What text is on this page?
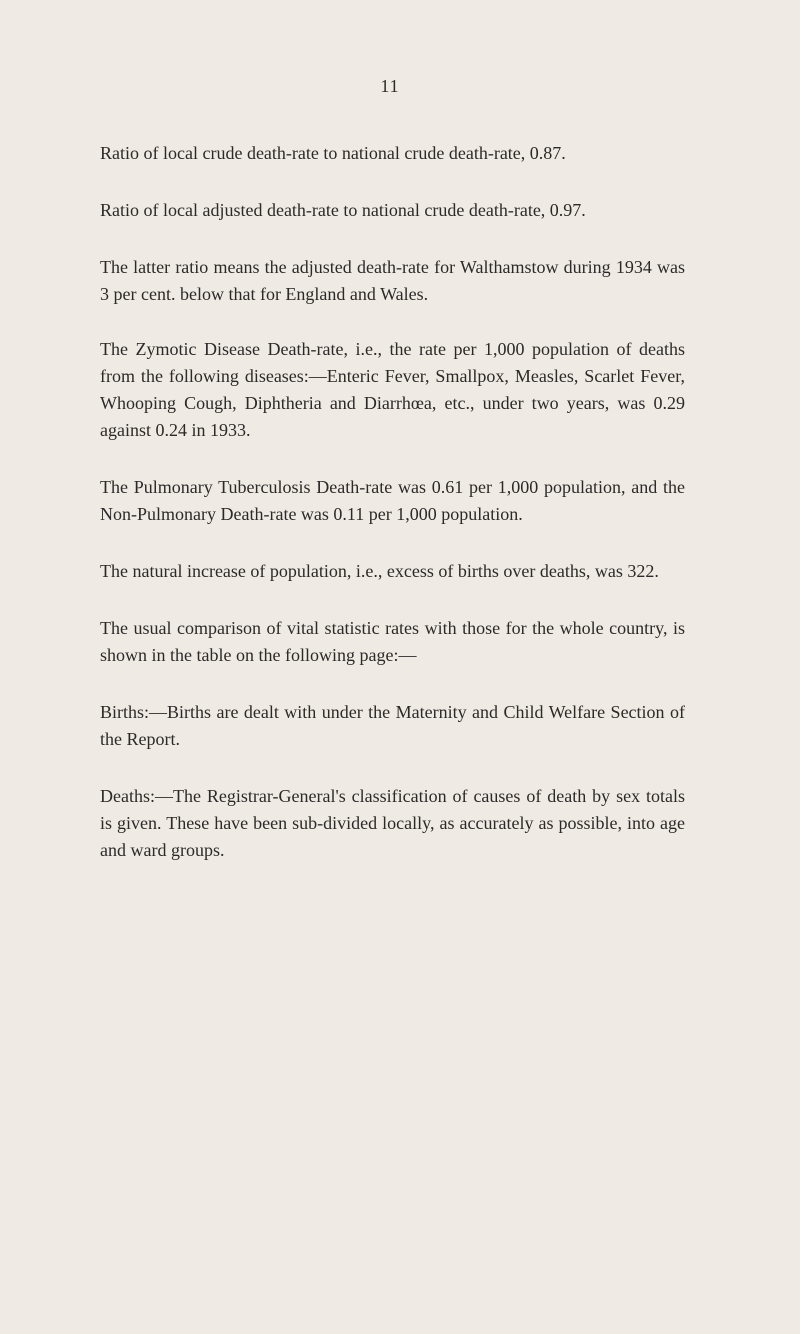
11

Ratio of local crude death-rate to national crude death-rate, 0.87.

Ratio of local adjusted death-rate to national crude death-rate, 0.97.

The latter ratio means the adjusted death-rate for Walthamstow during 1934 was 3 per cent. below that for England and Wales.

The Zymotic Disease Death-rate, i.e., the rate per 1,000 population of deaths from the following diseases:—Enteric Fever, Smallpox, Measles, Scarlet Fever, Whooping Cough, Diphtheria and Diarrhœa, etc., under two years, was 0.29 against 0.24 in 1933.

The Pulmonary Tuberculosis Death-rate was 0.61 per 1,000 population, and the Non-Pulmonary Death-rate was 0.11 per 1,000 population.

The natural increase of population, i.e., excess of births over deaths, was 322.

The usual comparison of vital statistic rates with those for the whole country, is shown in the table on the following page:—

Births:—Births are dealt with under the Maternity and Child Welfare Section of the Report.

Deaths:—The Registrar-General's classification of causes of death by sex totals is given. These have been sub-divided locally, as accurately as possible, into age and ward groups.
